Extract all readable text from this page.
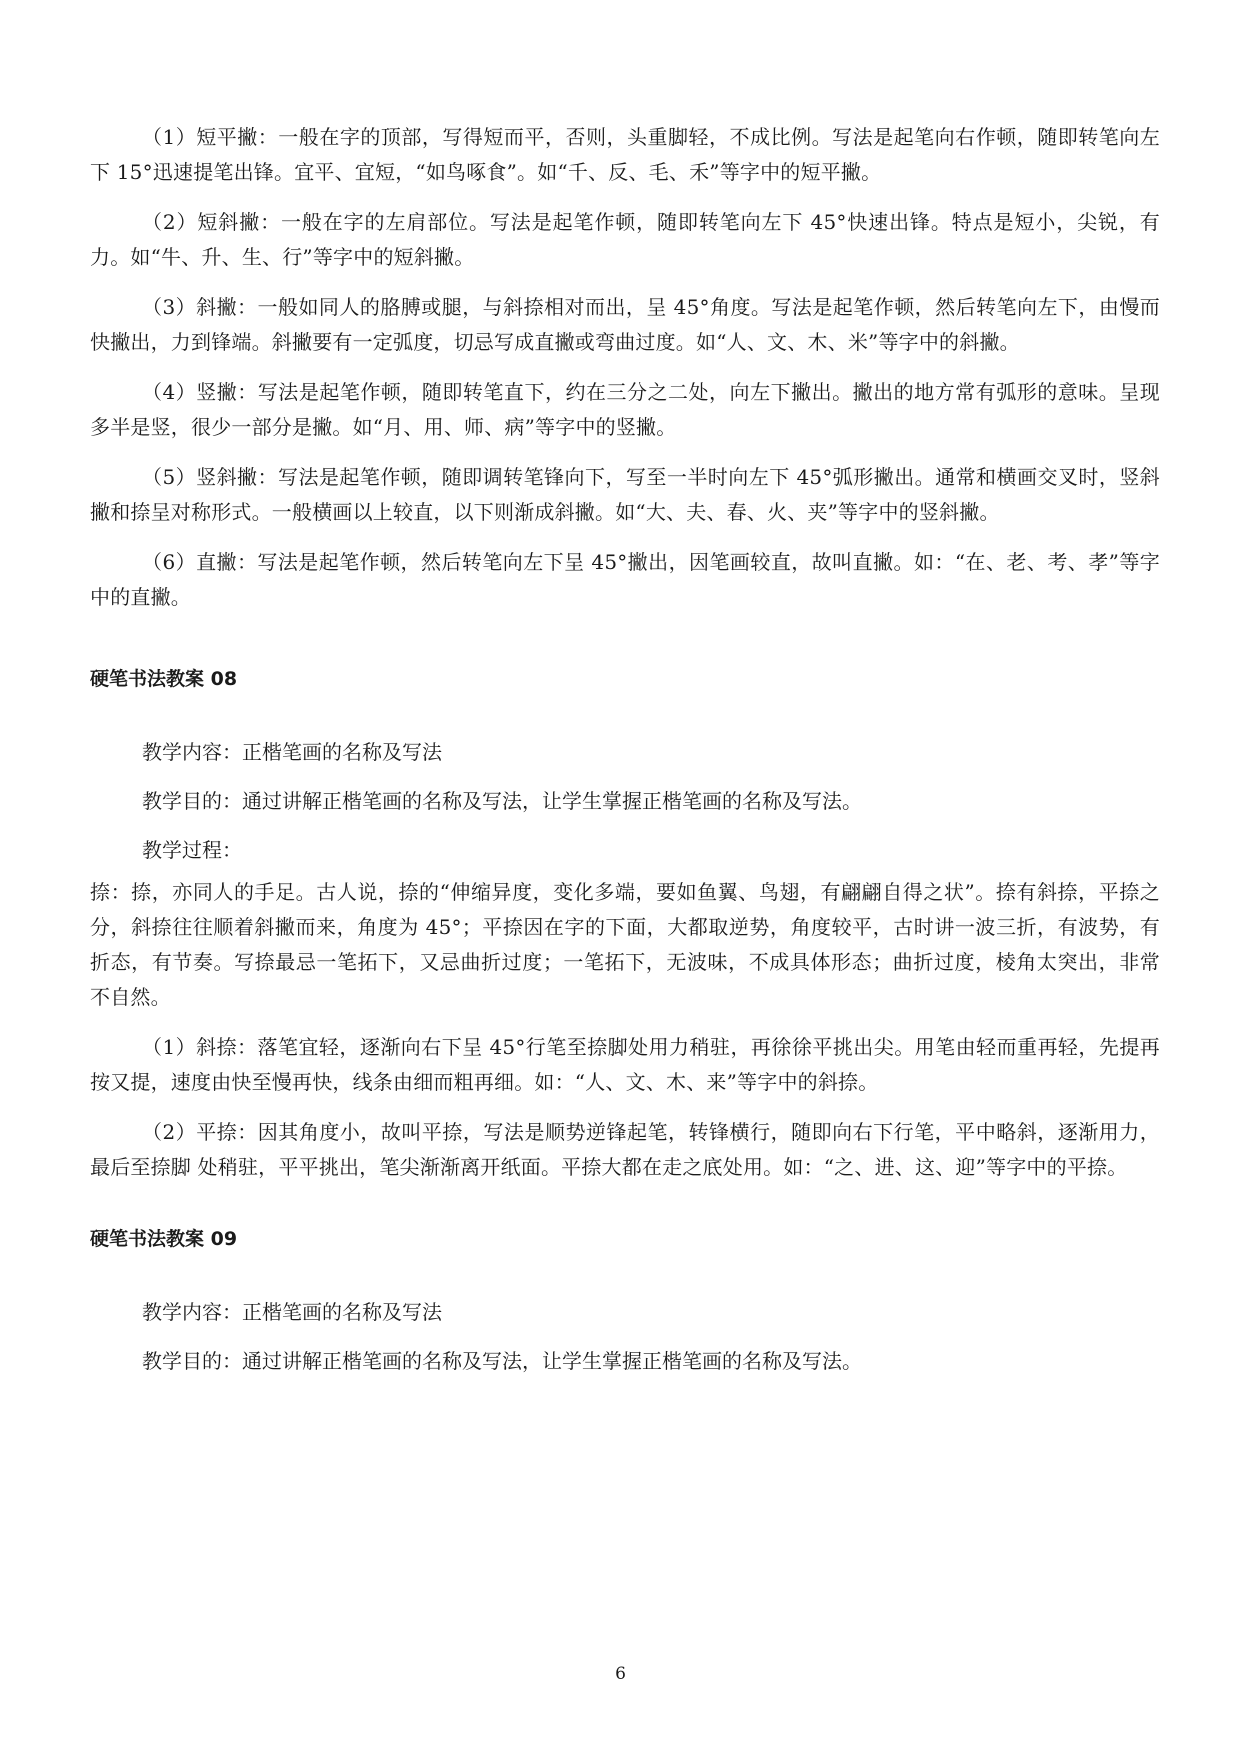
（1）短平撇：一般在字的顶部，写得短而平，否则，头重脚轻，不成比例。写法是起笔向右作顿，随即转笔向左下 15°迅速提笔出锋。宜平、宜短，“如鸟啄食”。如“千、反、毛、禾”等字中的短平撇。

（2）短斜撇：一般在字的左肩部位。写法是起笔作顿，随即转笔向左下 45°快速出锋。特点是短小，尖锐，有力。如“牛、升、生、行”等字中的短斜撇。

（3）斜撇：一般如同人的胳膊或腿，与斜捺相对而出，呈 45°角度。写法是起笔作顿，然后转笔向左下，由慢而快撇出，力到锋端。斜撇要有一定弧度，切忌写成直撇或弯曲过度。如“人、文、木、米”等字中的斜撇。

（4）竖撇：写法是起笔作顿，随即转笔直下，约在三分之二处，向左下撇出。撇出的地方常有弧形的意味。呈现多半是竖，很少一部分是撇。如“月、用、师、病”等字中的竖撇。

（5）竖斜撇：写法是起笔作顿，随即调转笔锋向下，写至一半时向左下 45°弧形撇出。通常和横画交叉时，竖斜撇和捺呈对称形式。一般横画以上较直，以下则渐成斜撇。如“大、夫、春、火、夹”等字中的竖斜撇。

（6）直撇：写法是起笔作顿，然后转笔向左下呈 45°撇出，因笔画较直，故叫直撇。如：“在、老、考、孝”等字中的直撇。

硬笔书法教案 08

教学内容：正楷笔画的名称及写法

教学目的：通过讲解正楷笔画的名称及写法，让学生掌握正楷笔画的名称及写法。

教学过程：

捺：捺，亦同人的手足。古人说，捺的“伸缩异度，变化多端，要如鱼翼、鸟翅，有翩翩自得之状”。捺有斜捺，平捺之分，斜捺往往顺着斜撇而来，角度为 45°；平捺因在字的下面，大都取逆势，角度较平，古时讲一波三折，有波势，有折态，有节奏。写捺最忌一笔拓下，又忌曲折过度；一笔拓下，无波味，不成具体形态；曲折过度，棱角太突出，非常不自然。

（1）斜捺：落笔宜轻，逐渐向右下呈 45°行笔至捺脚处用力稍驻，再徐徐平挑出尖。用笔由轻而重再轻，先提再按又提，速度由快至慢再快，线条由细而粗再细。如：“人、文、木、来”等字中的斜捺。

（2）平捺：因其角度小，故叫平捺，写法是顺势逆锋起笔，转锋横行，随即向右下行笔，平中略斜，逐渐用力，最后至捺脚 处稍驻，平平挑出，笔尖渐渐离开纸面。平捺大都在走之底处用。如：“之、进、这、迎”等字中的平捺。

硬笔书法教案 09

教学内容：正楷笔画的名称及写法

教学目的：通过讲解正楷笔画的名称及写法，让学生掌握正楷笔画的名称及写法。

6
